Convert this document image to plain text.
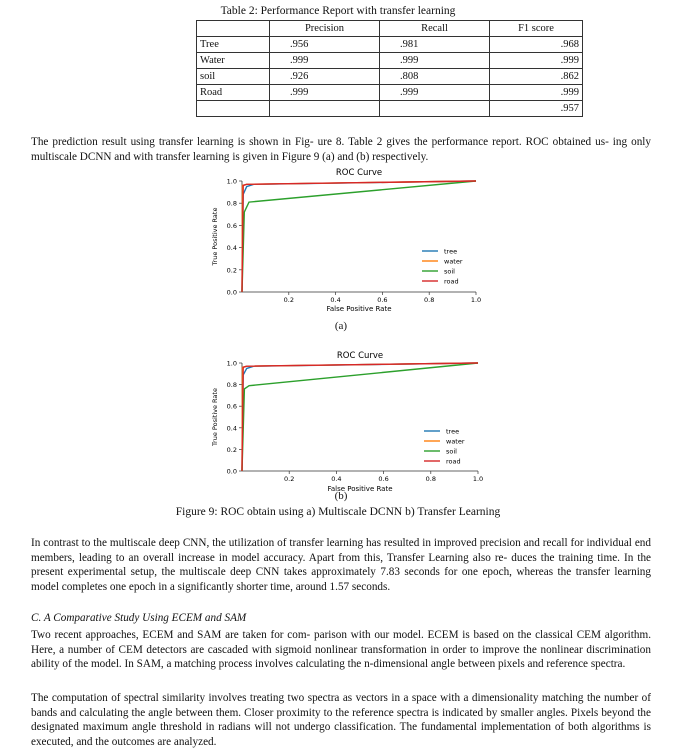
Table 2: Performance Report with transfer learning
	Precision	Recall	F1 score
Tree	.956	.981	.968
Water	.999	.999	.999
soil	.926	.808	.862
Road	.999	.999	.999
			.957
The prediction result using transfer learning is shown in Fig- ure 8. Table 2 gives the performance report. ROC obtained us- ing only multiscale DCNN and with transfer learning is given in Figure 9 (a) and (b) respectively.
ROC Curve
0.0
0.2
0.4
0.6
0.8
1.0
0.2	0.4	0.6	0.8	1.0
False Positive Rate
True Positive Rate	tree
water
soil
road
(a)
ROC Curve
0.0
0.2
0.4
0.6
0.8
1.0
0.2	0.4	0.6	0.8	1.0
False Positive Rate
True Positive Rate	tree
water
soil
road
(b)
Figure 9: ROC obtain using a) Multiscale DCNN b) Transfer Learning
In contrast to the multiscale deep CNN, the utilization of transfer learning has resulted in improved precision and recall for individual end members, leading to an overall increase in model accuracy. Apart from this, Transfer Learning also re- duces the training time. In the present experimental setup, the multiscale deep CNN takes approximately 7.83 seconds for one epoch, whereas the transfer learning model completes one epoch in a significantly shorter time, around 1.57 seconds.
C. A Comparative Study Using ECEM and SAM
Two recent approaches, ECEM and SAM are taken for com- parison with our model. ECEM is based on the classical CEM algorithm. Here, a number of CEM detectors are cascaded with sigmoid nonlinear transformation in order to improve the nonlinear discrimination ability of the model. In SAM, a matching process involves calculating the n-dimensional angle between pixels and reference spectra.
The computation of spectral similarity involves treating two spectra as vectors in a space with a dimensionality matching the number of bands and calculating the angle between them. Closer proximity to the reference spectra is indicated by smaller angles. Pixels beyond the designated maximum angle threshold in radians will not undergo classification. The fundamental implementation of both algorithms is executed, and the outcomes are analyzed.
